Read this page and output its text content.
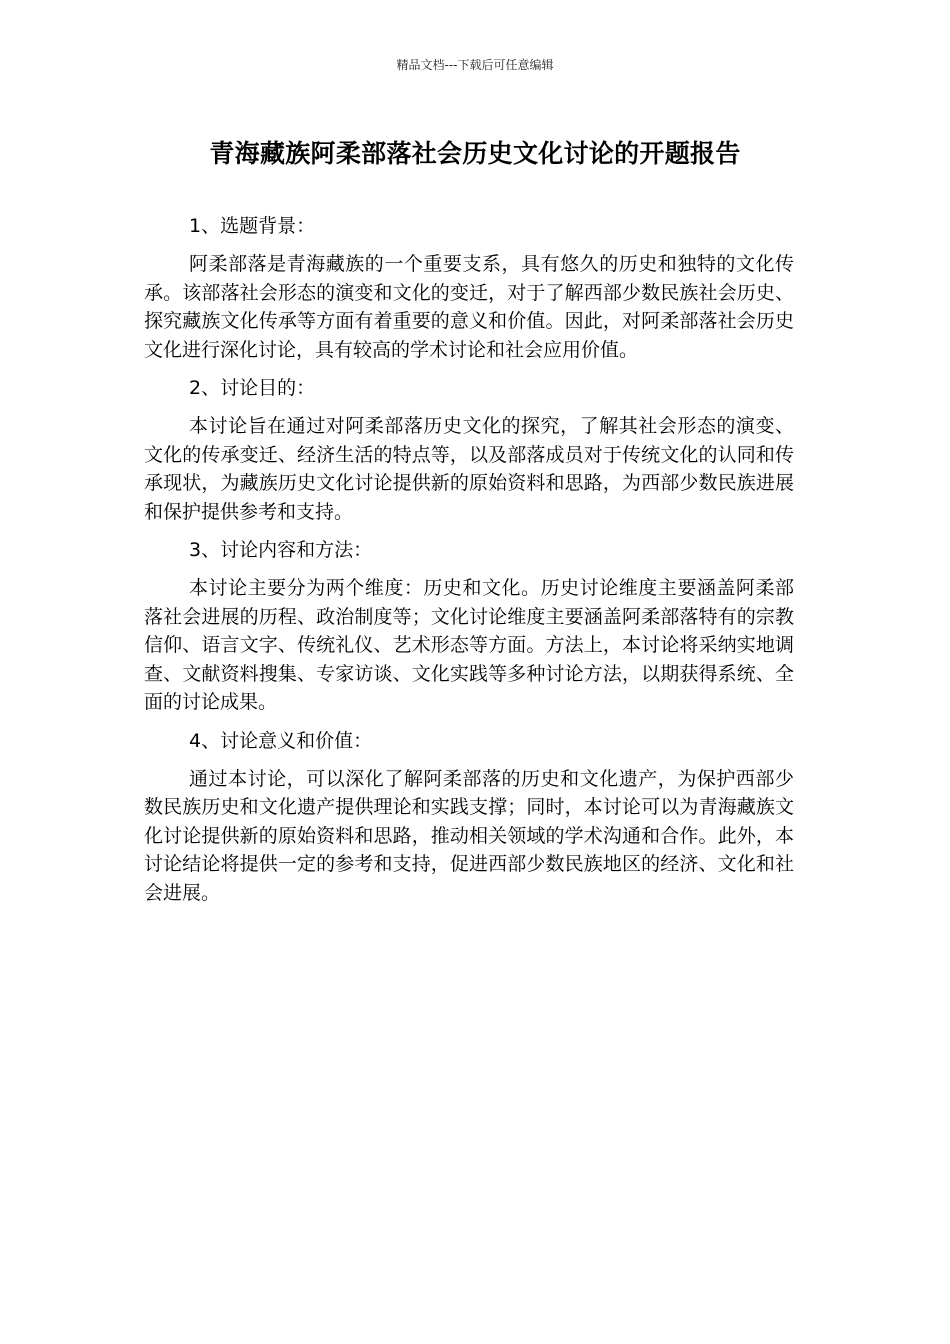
精品文档---下载后可任意编辑
青海藏族阿柔部落社会历史文化讨论的开题报告

1、选题背景：

阿柔部落是青海藏族的一个重要支系，具有悠久的历史和独特的文化传承。该部落社会形态的演变和文化的变迁，对于了解西部少数民族社会历史、探究藏族文化传承等方面有着重要的意义和价值。因此，对阿柔部落社会历史文化进行深化讨论，具有较高的学术讨论和社会应用价值。

2、讨论目的：

本讨论旨在通过对阿柔部落历史文化的探究，了解其社会形态的演变、文化的传承变迁、经济生活的特点等，以及部落成员对于传统文化的认同和传承现状，为藏族历史文化讨论提供新的原始资料和思路，为西部少数民族进展和保护提供参考和支持。

3、讨论内容和方法：

本讨论主要分为两个维度：历史和文化。历史讨论维度主要涵盖阿柔部落社会进展的历程、政治制度等；文化讨论维度主要涵盖阿柔部落特有的宗教信仰、语言文字、传统礼仪、艺术形态等方面。方法上，本讨论将采纳实地调查、文献资料搜集、专家访谈、文化实践等多种讨论方法，以期获得系统、全面的讨论成果。

4、讨论意义和价值：

通过本讨论，可以深化了解阿柔部落的历史和文化遗产，为保护西部少数民族历史和文化遗产提供理论和实践支撑；同时，本讨论可以为青海藏族文化讨论提供新的原始资料和思路，推动相关领域的学术沟通和合作。此外，本讨论结论将提供一定的参考和支持，促进西部少数民族地区的经济、文化和社会进展。
